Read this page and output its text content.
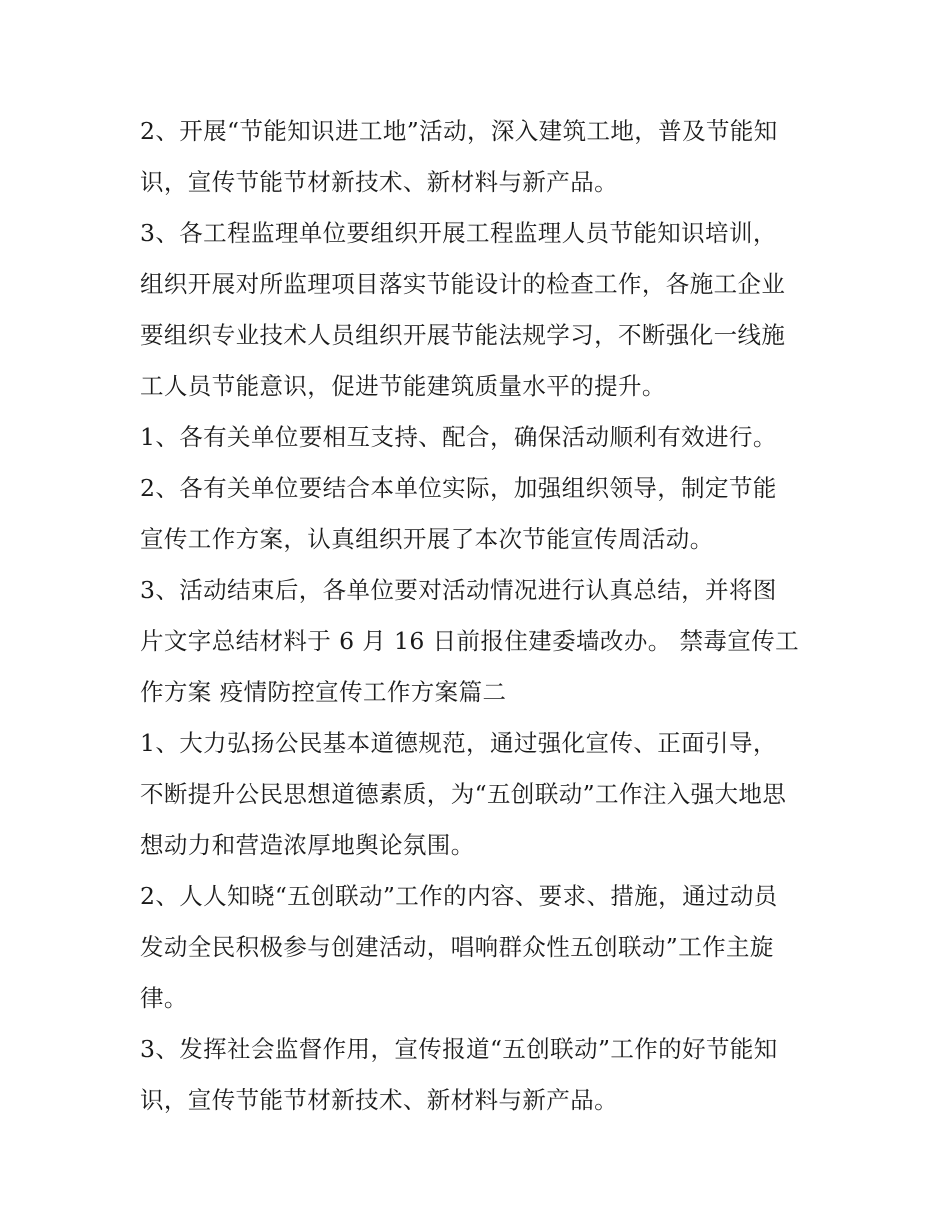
2、开展“节能知识进工地”活动，深入建筑工地，普及节能知
识，宣传节能节材新技术、新材料与新产品。
3、各工程监理单位要组织开展工程监理人员节能知识培训，
组织开展对所监理项目落实节能设计的检查工作，各施工企业
要组织专业技术人员组织开展节能法规学习，不断强化一线施
工人员节能意识，促进节能建筑质量水平的提升。
1、各有关单位要相互支持、配合，确保活动顺利有效进行。
2、各有关单位要结合本单位实际，加强组织领导，制定节能
宣传工作方案，认真组织开展了本次节能宣传周活动。
3、活动结束后，各单位要对活动情况进行认真总结，并将图
片文字总结材料于 6 月 16 日前报住建委墙改办。 禁毒宣传工
作方案 疫情防控宣传工作方案篇二
1、大力弘扬公民基本道德规范，通过强化宣传、正面引导，
不断提升公民思想道德素质，为“五创联动”工作注入强大地思
想动力和营造浓厚地舆论氛围。
2、人人知晓“五创联动”工作的内容、要求、措施，通过动员
发动全民积极参与创建活动，唱响群众性五创联动”工作主旋
律。
3、发挥社会监督作用，宣传报道“五创联动”工作的好节能知
识，宣传节能节材新技术、新材料与新产品。
